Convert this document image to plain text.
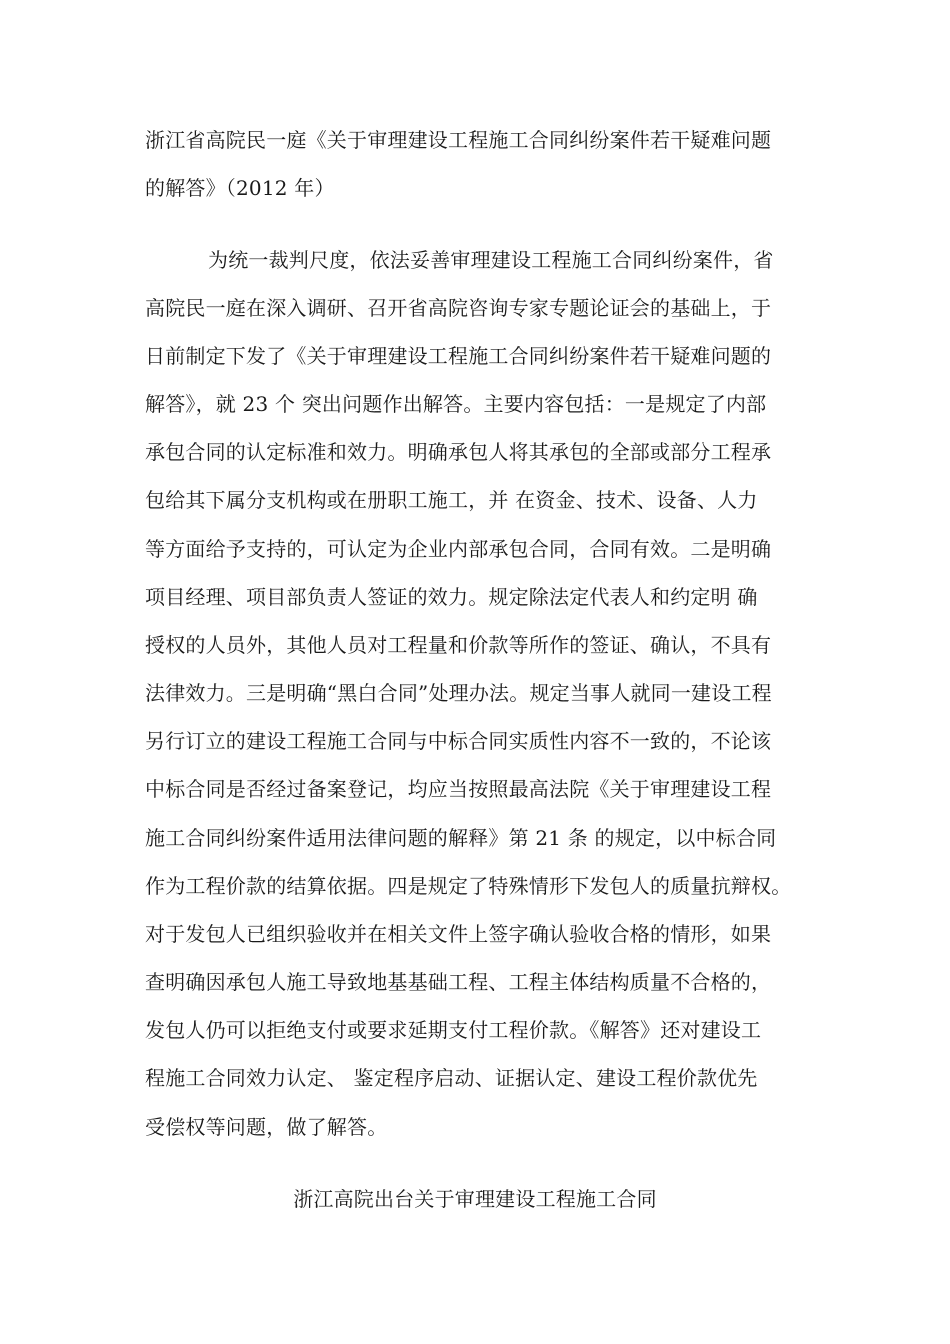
浙江省高院民一庭《关于审理建设工程施工合同纠纷案件若干疑难问题
的解答》（2012 年）
为统一裁判尺度，依法妥善审理建设工程施工合同纠纷案件，省
高院民一庭在深入调研、召开省高院咨询专家专题论证会的基础上，于
日前制定下发了《关于审理建设工程施工合同纠纷案件若干疑难问题的
解答》，就 23 个 突出问题作出解答。主要内容包括：一是规定了内部
承包合同的认定标准和效力。明确承包人将其承包的全部或部分工程承
包给其下属分支机构或在册职工施工，并 在资金、技术、设备、人力
等方面给予支持的，可认定为企业内部承包合同，合同有效。二是明确
项目经理、项目部负责人签证的效力。规定除法定代表人和约定明 确
授权的人员外，其他人员对工程量和价款等所作的签证、确认，不具有
法律效力。三是明确“黑白合同”处理办法。规定当事人就同一建设工程
另行订立的建设工程施工合同与中标合同实质性内容不一致的，不论该
中标合同是否经过备案登记，均应当按照最高法院《关于审理建设工程
施工合同纠纷案件适用法律问题的解释》第 21 条 的规定，以中标合同
作为工程价款的结算依据。四是规定了特殊情形下发包人的质量抗辩权。
对于发包人已组织验收并在相关文件上签字确认验收合格的情形，如果
查明确因承包人施工导致地基基础工程、工程主体结构质量不合格的，
发包人仍可以拒绝支付或要求延期支付工程价款。《解答》还对建设工
程施工合同效力认定、 鉴定程序启动、证据认定、建设工程价款优先
受偿权等问题，做了解答。
浙江高院出台关于审理建设工程施工合同
